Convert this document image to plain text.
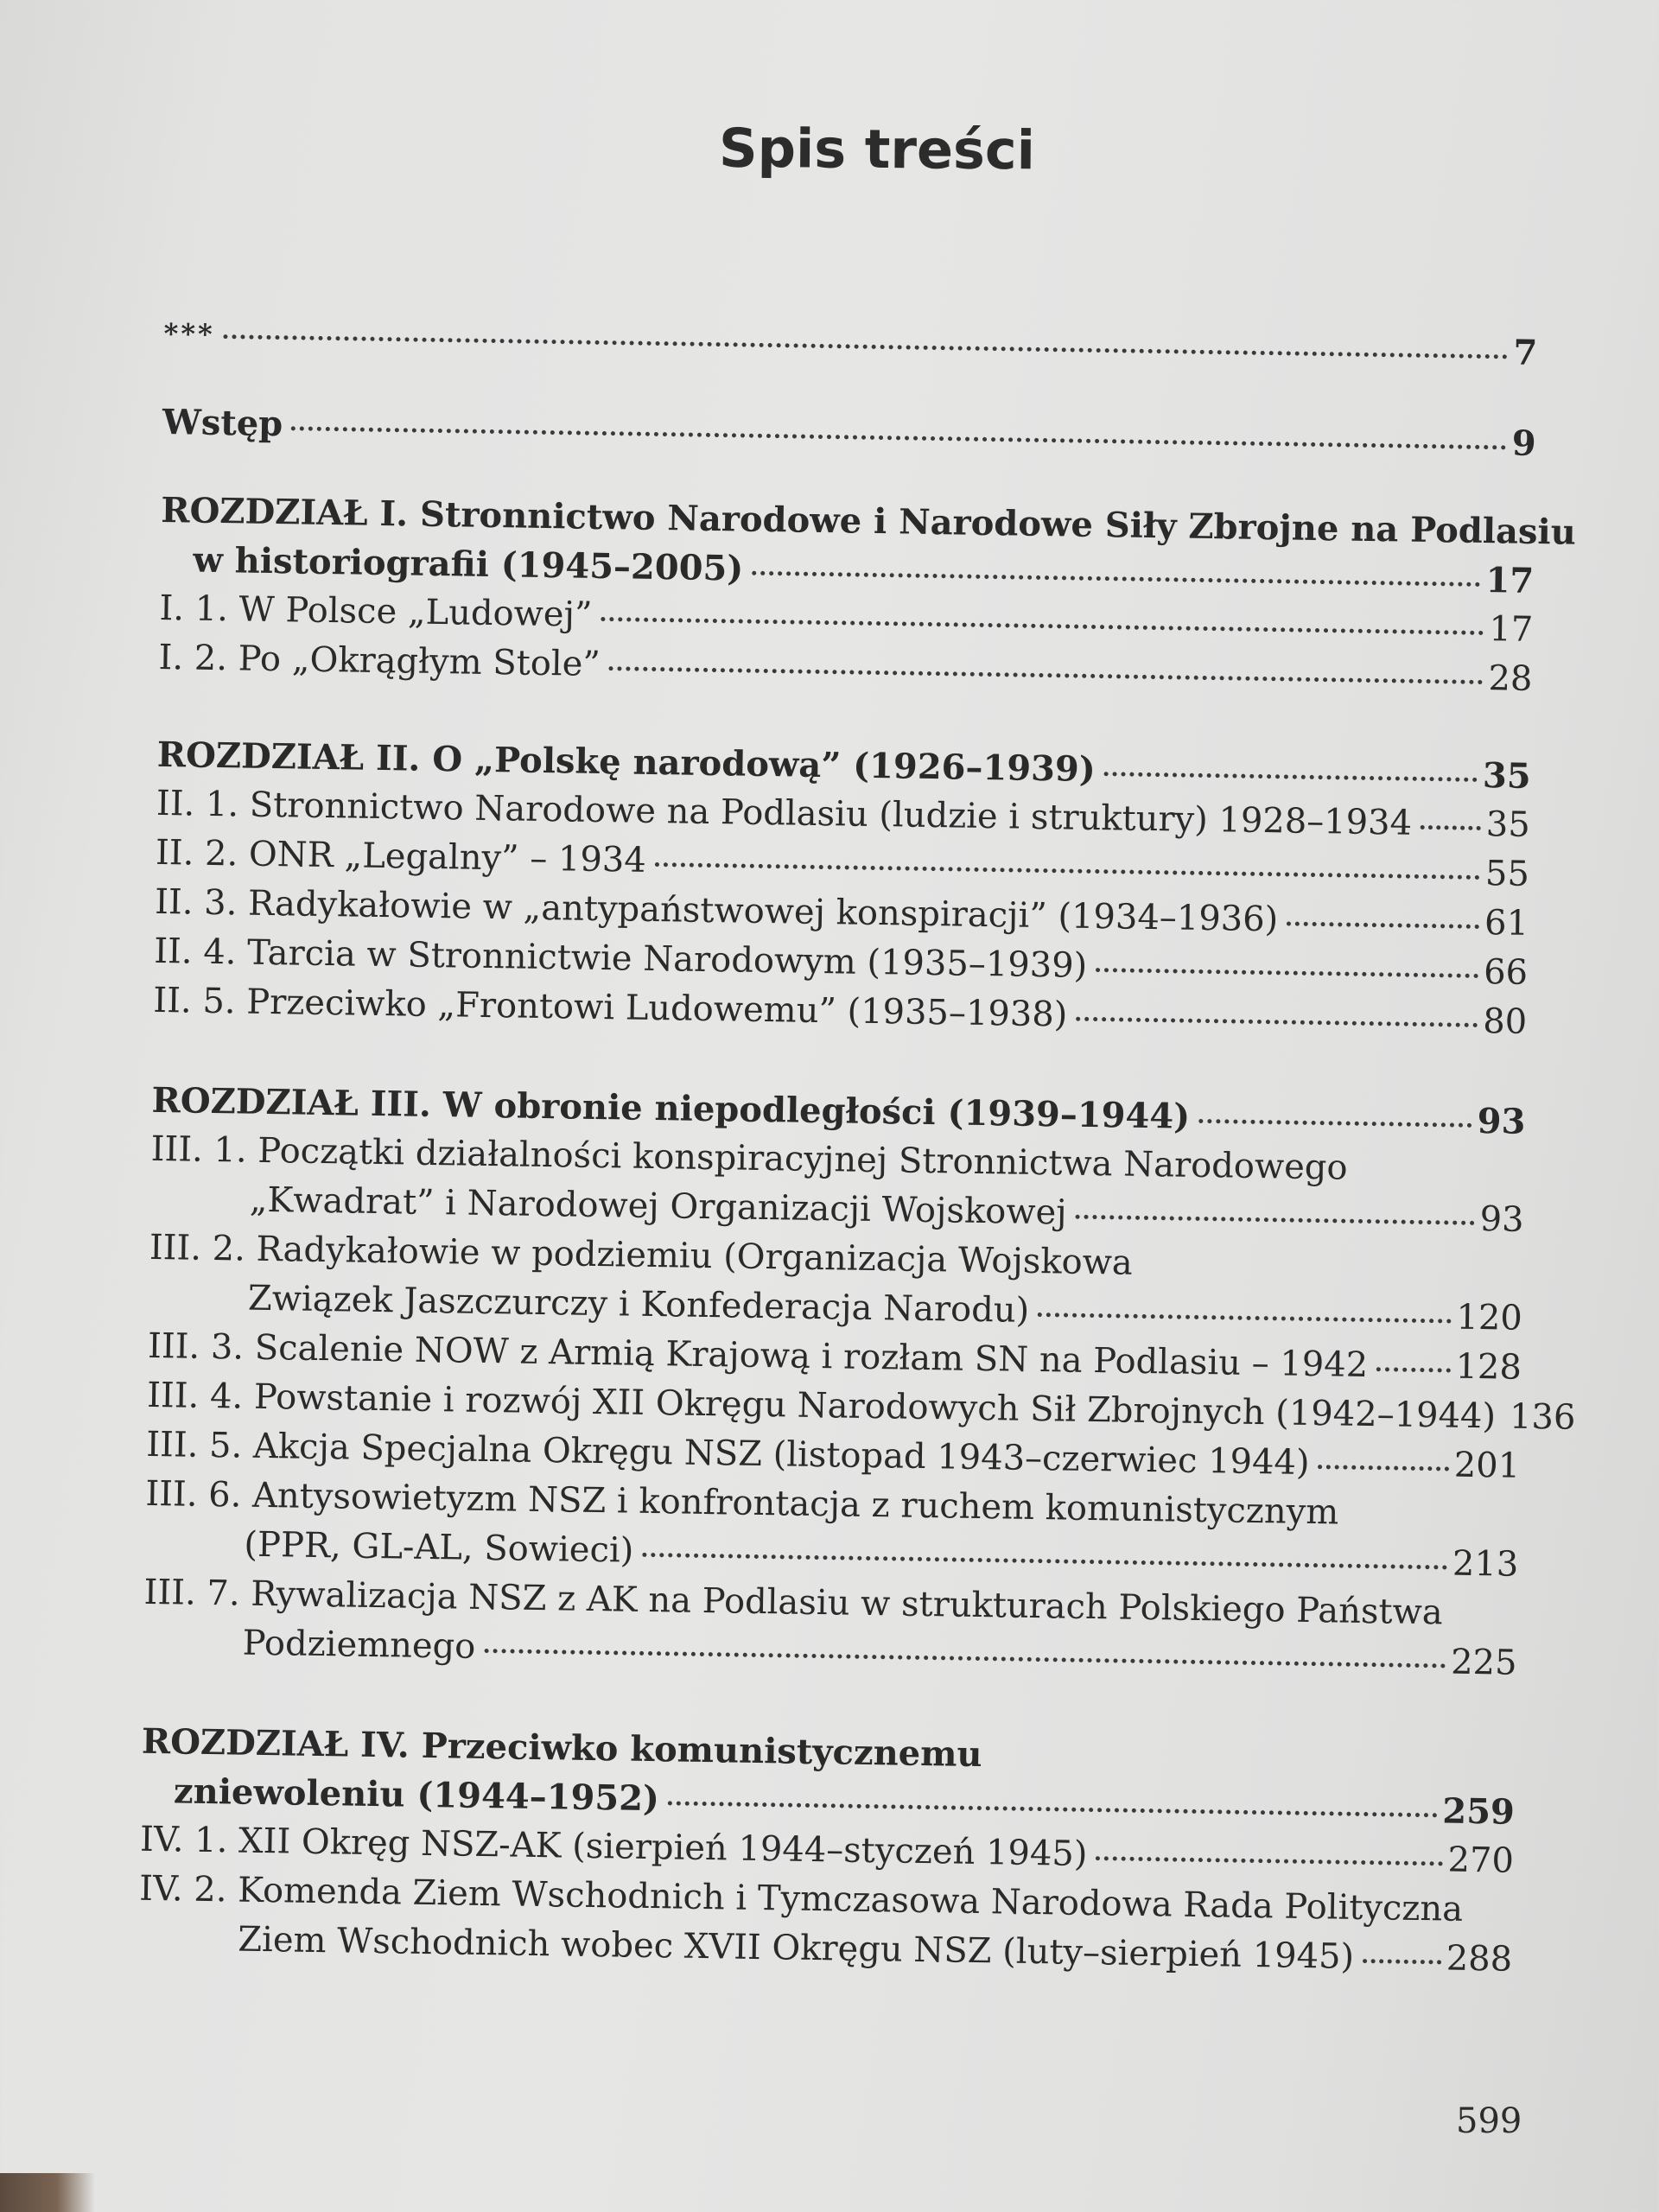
Spis treści
***	7
Wstęp	9
ROZDZIAŁ I. Stronnictwo Narodowe i Narodowe Siły Zbrojne na Podlasiu
w historiografii (1945–2005)	17
I. 1. W Polsce „Ludowej”	17
I. 2. Po „Okrągłym Stole”	28
ROZDZIAŁ II. O „Polskę narodową” (1926–1939)	35
II. 1. Stronnictwo Narodowe na Podlasiu (ludzie i struktury) 1928–1934 35
II. 2. ONR „Legalny” – 1934	55
II. 3. Radykałowie w „antypaństwowej konspiracji” (1934–1936)	61
II. 4. Tarcia w Stronnictwie Narodowym (1935–1939)	66
II. 5. Przeciwko „Frontowi Ludowemu” (1935–1938)	80
ROZDZIAŁ III. W obronie niepodległości (1939–1944)	93
III. 1. Początki działalności konspiracyjnej Stronnictwa Narodowego
„Kwadrat” i Narodowej Organizacji Wojskowej	93
III. 2. Radykałowie w podziemiu (Organizacja Wojskowa
Związek Jaszczurczy i Konfederacja Narodu)	120
III. 3. Scalenie NOW z Armią Krajową i rozłam SN na Podlasiu – 1942	128
III. 4. Powstanie i rozwój XII Okręgu Narodowych Sił Zbrojnych (1942–1944) 136
III. 5. Akcja Specjalna Okręgu NSZ (listopad 1943–czerwiec 1944)	201
III. 6. Antysowietyzm NSZ i konfrontacja z ruchem komunistycznym
(PPR, GL-AL, Sowieci)	213
III. 7. Rywalizacja NSZ z AK na Podlasiu w strukturach Polskiego Państwa
Podziemnego	225
ROZDZIAŁ IV. Przeciwko komunistycznemu
zniewoleniu (1944–1952)	259
IV. 1. XII Okręg NSZ-AK (sierpień 1944–styczeń 1945)	270
IV. 2. Komenda Ziem Wschodnich i Tymczasowa Narodowa Rada Polityczna
Ziem Wschodnich wobec XVII Okręgu NSZ (luty–sierpień 1945)	288
599
